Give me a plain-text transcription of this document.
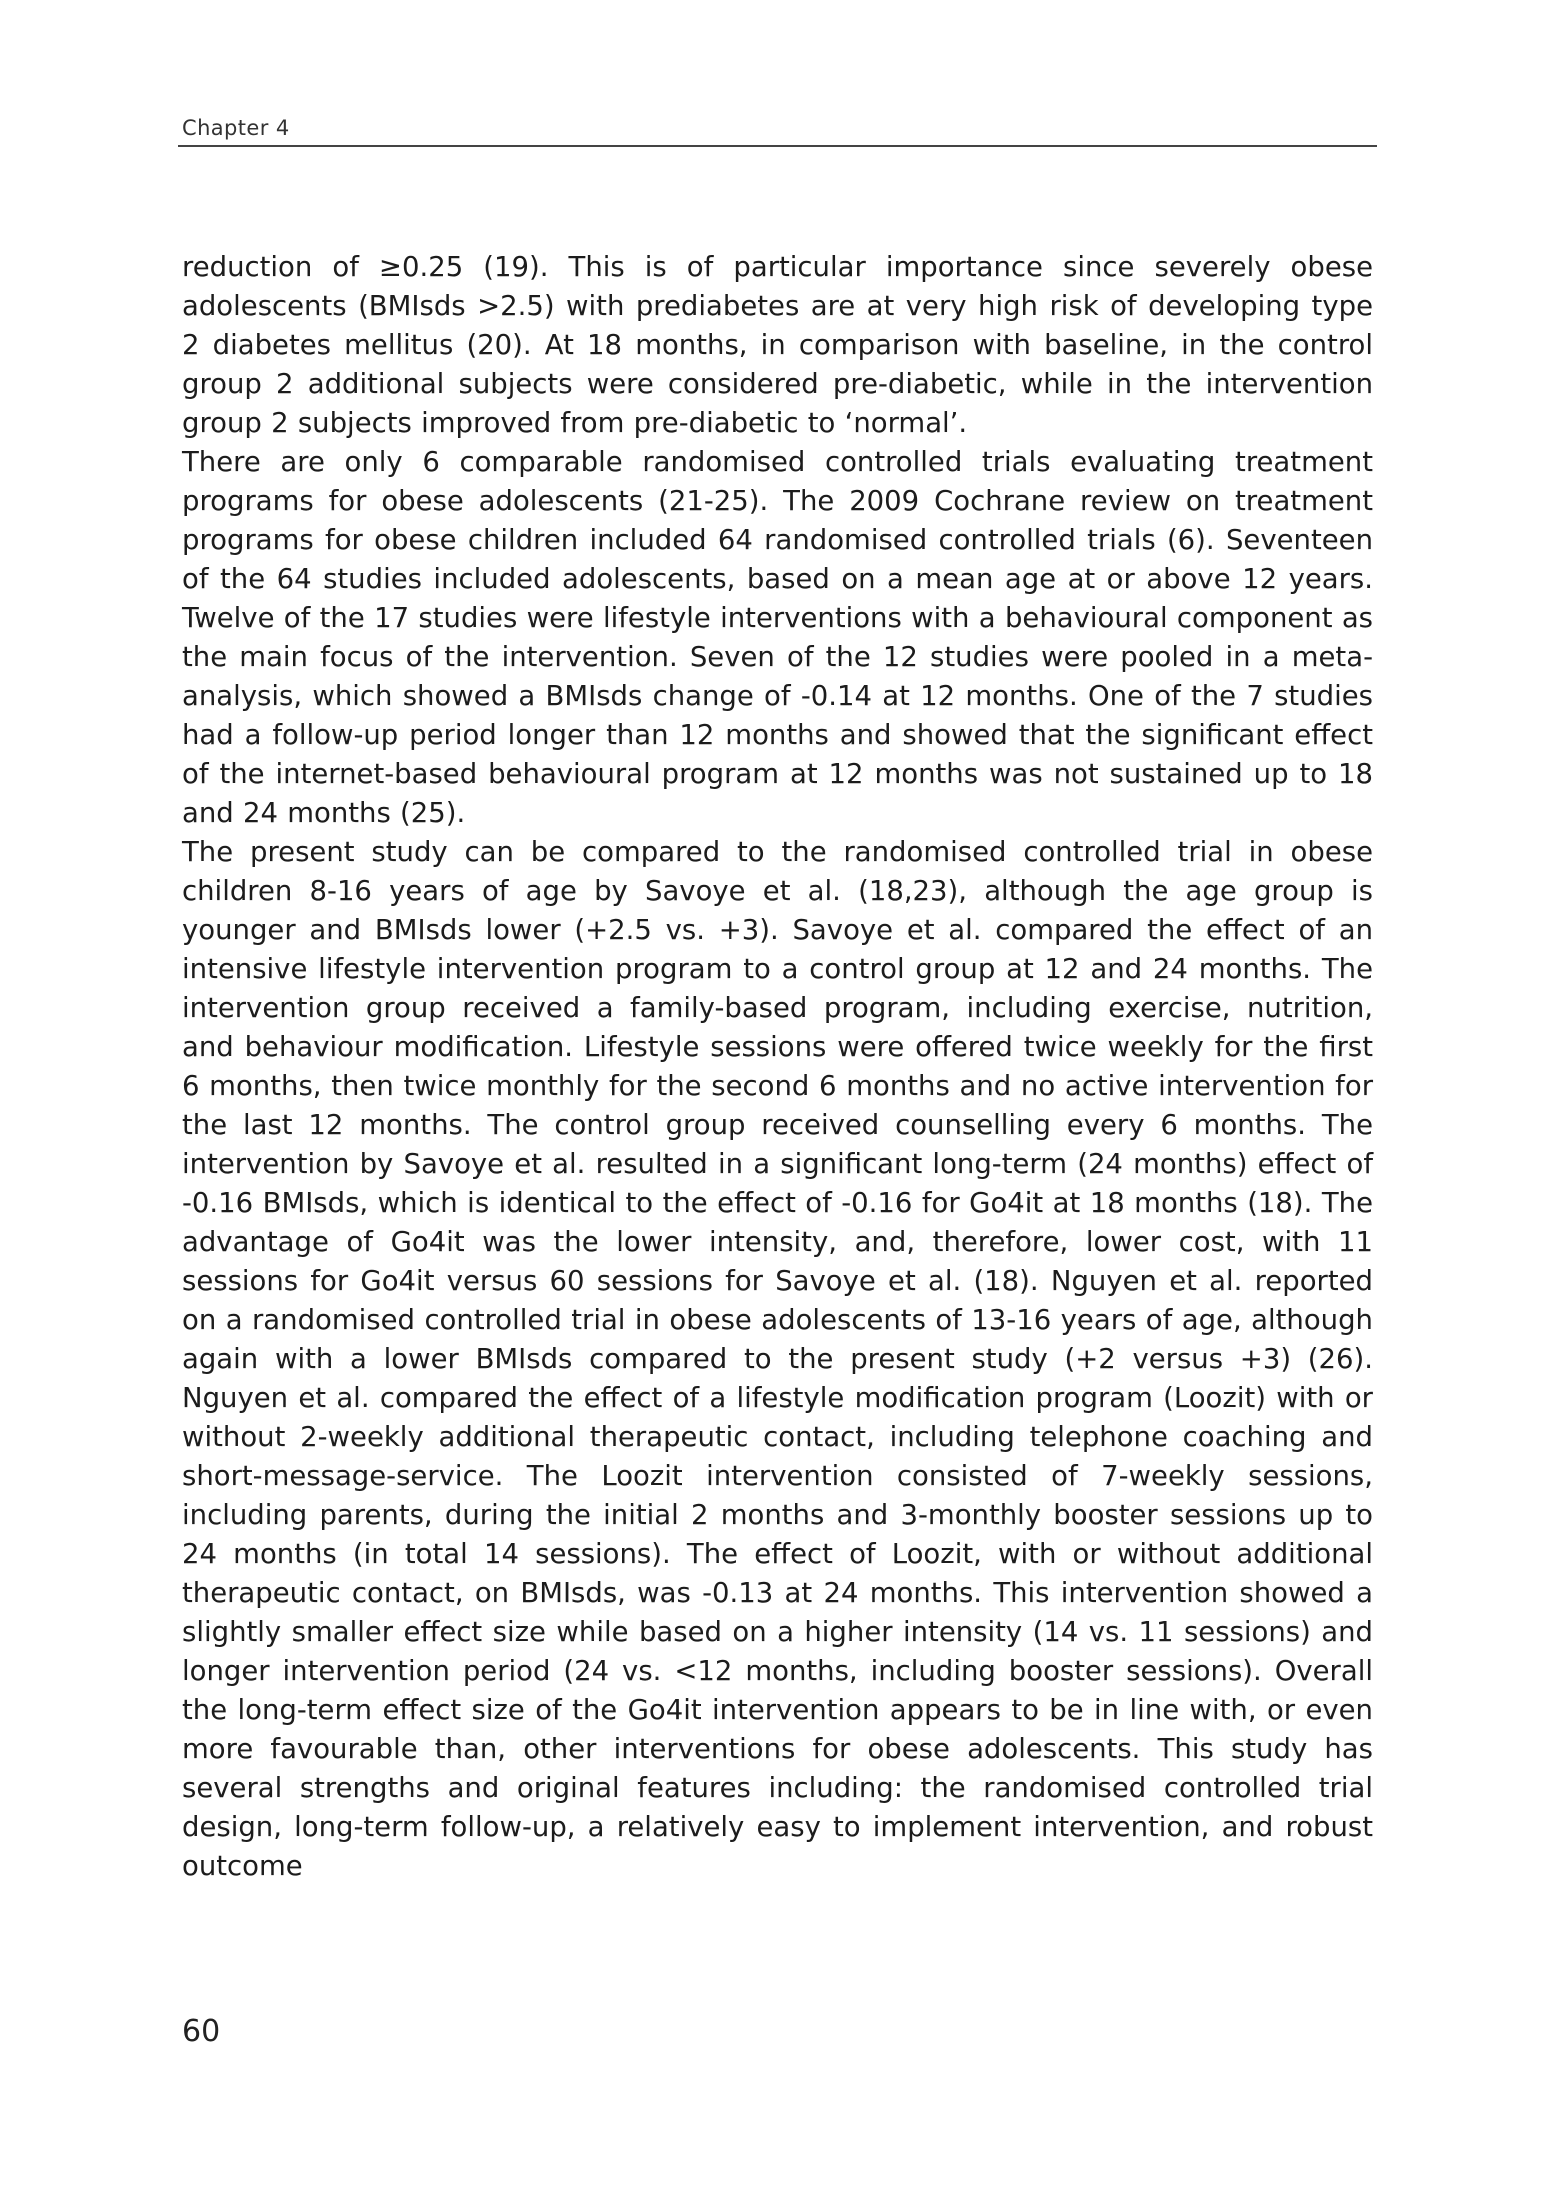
Chapter 4

reduction of ≥0.25 (19). This is of particular importance since severely obese adolescents (BMIsds >2.5) with prediabetes are at very high risk of developing type 2 diabetes mellitus (20). At 18 months, in comparison with baseline, in the control group 2 additional subjects were considered pre-diabetic, while in the intervention group 2 subjects improved from pre-diabetic to ‘normal’.

There are only 6 comparable randomised controlled trials evaluating treatment programs for obese adolescents (21-25). The 2009 Cochrane review on treatment programs for obese children included 64 randomised controlled trials (6). Seventeen of the 64 studies included adolescents, based on a mean age at or above 12 years. Twelve of the 17 studies were lifestyle interventions with a behavioural component as the main focus of the intervention. Seven of the 12 studies were pooled in a meta-analysis, which showed a BMIsds change of -0.14 at 12 months. One of the 7 studies had a follow-up period longer than 12 months and showed that the significant effect of the internet-based behavioural program at 12 months was not sustained up to 18 and 24 months (25).

The present study can be compared to the randomised controlled trial in obese children 8-16 years of age by Savoye et al. (18,23), although the age group is younger and BMIsds lower (+2.5 vs. +3). Savoye et al. compared the effect of an intensive lifestyle intervention program to a control group at 12 and 24 months. The intervention group received a family-based program, including exercise, nutrition, and behaviour modification. Lifestyle sessions were offered twice weekly for the first 6 months, then twice monthly for the second 6 months and no active intervention for the last 12 months. The control group received counselling every 6 months. The intervention by Savoye et al. resulted in a significant long-term (24 months) effect of -0.16 BMIsds, which is identical to the effect of -0.16 for Go4it at 18 months (18). The advantage of Go4it was the lower intensity, and, therefore, lower cost, with 11 sessions for Go4it versus 60 sessions for Savoye et al. (18). Nguyen et al. reported on a randomised controlled trial in obese adolescents of 13-16 years of age, although again with a lower BMIsds compared to the present study (+2 versus +3) (26). Nguyen et al. compared the effect of a lifestyle modification program (Loozit) with or without 2-weekly additional therapeutic contact, including telephone coaching and short-message-service. The Loozit intervention consisted of 7-weekly sessions, including parents, during the initial 2 months and 3-monthly booster sessions up to 24 months (in total 14 sessions). The effect of Loozit, with or without additional therapeutic contact, on BMIsds, was -0.13 at 24 months. This intervention showed a slightly smaller effect size while based on a higher intensity (14 vs. 11 sessions) and longer intervention period (24 vs. <12 months, including booster sessions). Overall the long-term effect size of the Go4it intervention appears to be in line with, or even more favourable than, other interventions for obese adolescents. This study has several strengths and original features including: the randomised controlled trial design, long-term follow-up, a relatively easy to implement intervention, and robust outcome

60
